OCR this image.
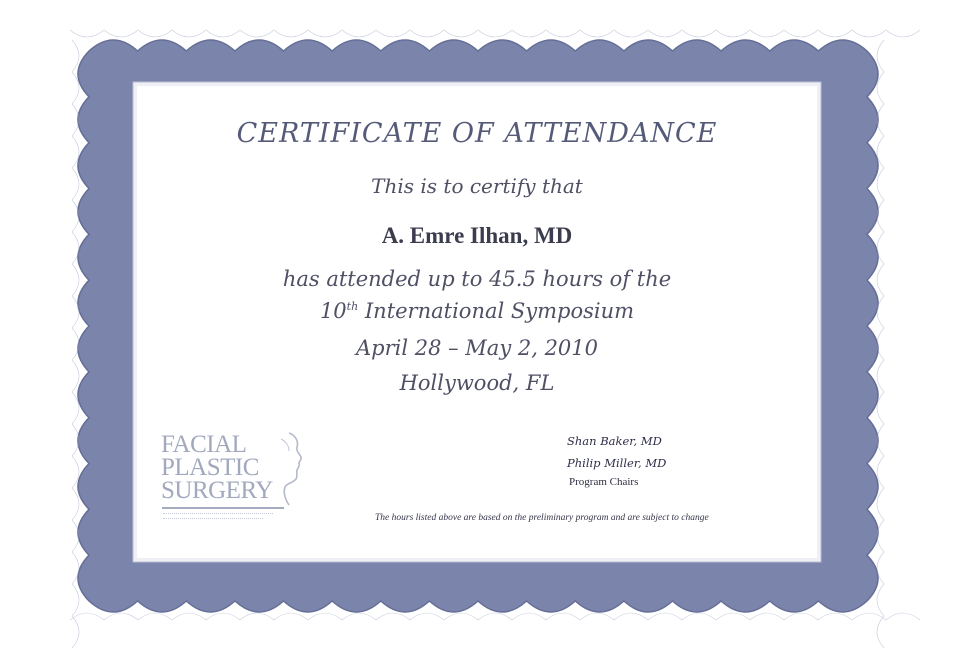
CERTIFICATE OF ATTENDANCE
This is to certify that
A. Emre Ilhan, MD
has attended up to 45.5 hours of the
10th International Symposium
April 28 – May 2, 2010
Hollywood, FL
FACIAL
PLASTIC
SURGERY
Shan Baker, MD
Philip Miller, MD
Program Chairs
The hours listed above are based on the preliminary program and are subject to change
